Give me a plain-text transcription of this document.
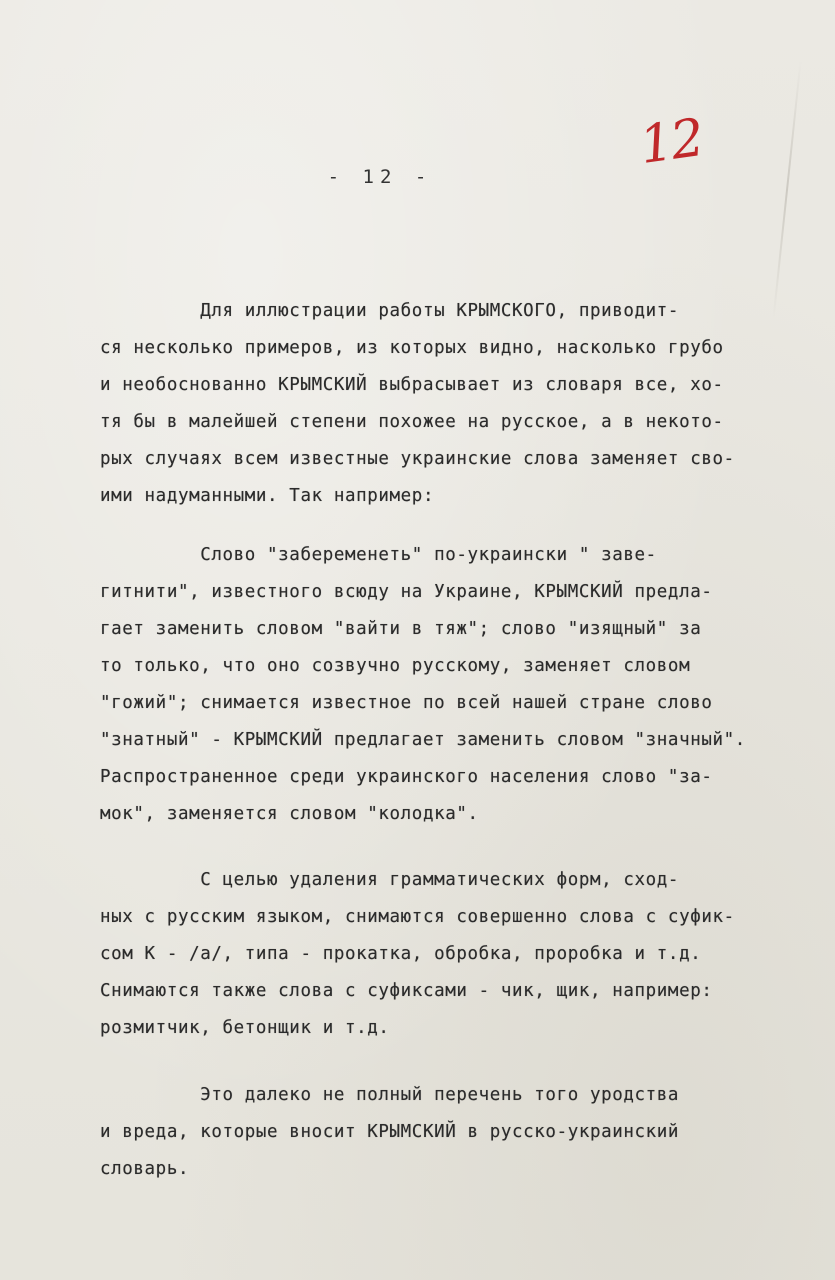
- 12 -
12
Для иллюстрации работы КРЫМСКОГО, приводит-
ся несколько примеров, из которых видно, насколько грубо
и необоснованно КРЫМСКИЙ выбрасывает из словаря все, хо-
тя бы в малейшей степени похожее на русское, а в некото-
рых случаях всем известные украинские слова заменяет сво-
ими надуманными. Так например:
Слово "забеременеть" по-украински " заве-
гитнити", известного всюду на Украине, КРЫМСКИЙ предла-
гает заменить словом "вайти в тяж"; слово "изящный" за
то только, что оно созвучно русскому, заменяет словом
"гожий"; снимается известное по всей нашей стране слово
"знатный" - КРЫМСКИЙ предлагает заменить словом "значный".
Распространенное среди украинского населения слово "за-
мок", заменяется словом "колодка".
С целью удаления грамматических форм, сход-
ных с русским языком, снимаются совершенно слова с суфик-
сом К - /а/, типа - прокатка, обробка, проробка и т.д.
Снимаются также слова с суфиксами - чик, щик, например:
розмитчик, бетонщик и т.д.
Это далеко не полный перечень того уродства
и вреда, которые вносит КРЫМСКИЙ в русско-украинский
словарь.
